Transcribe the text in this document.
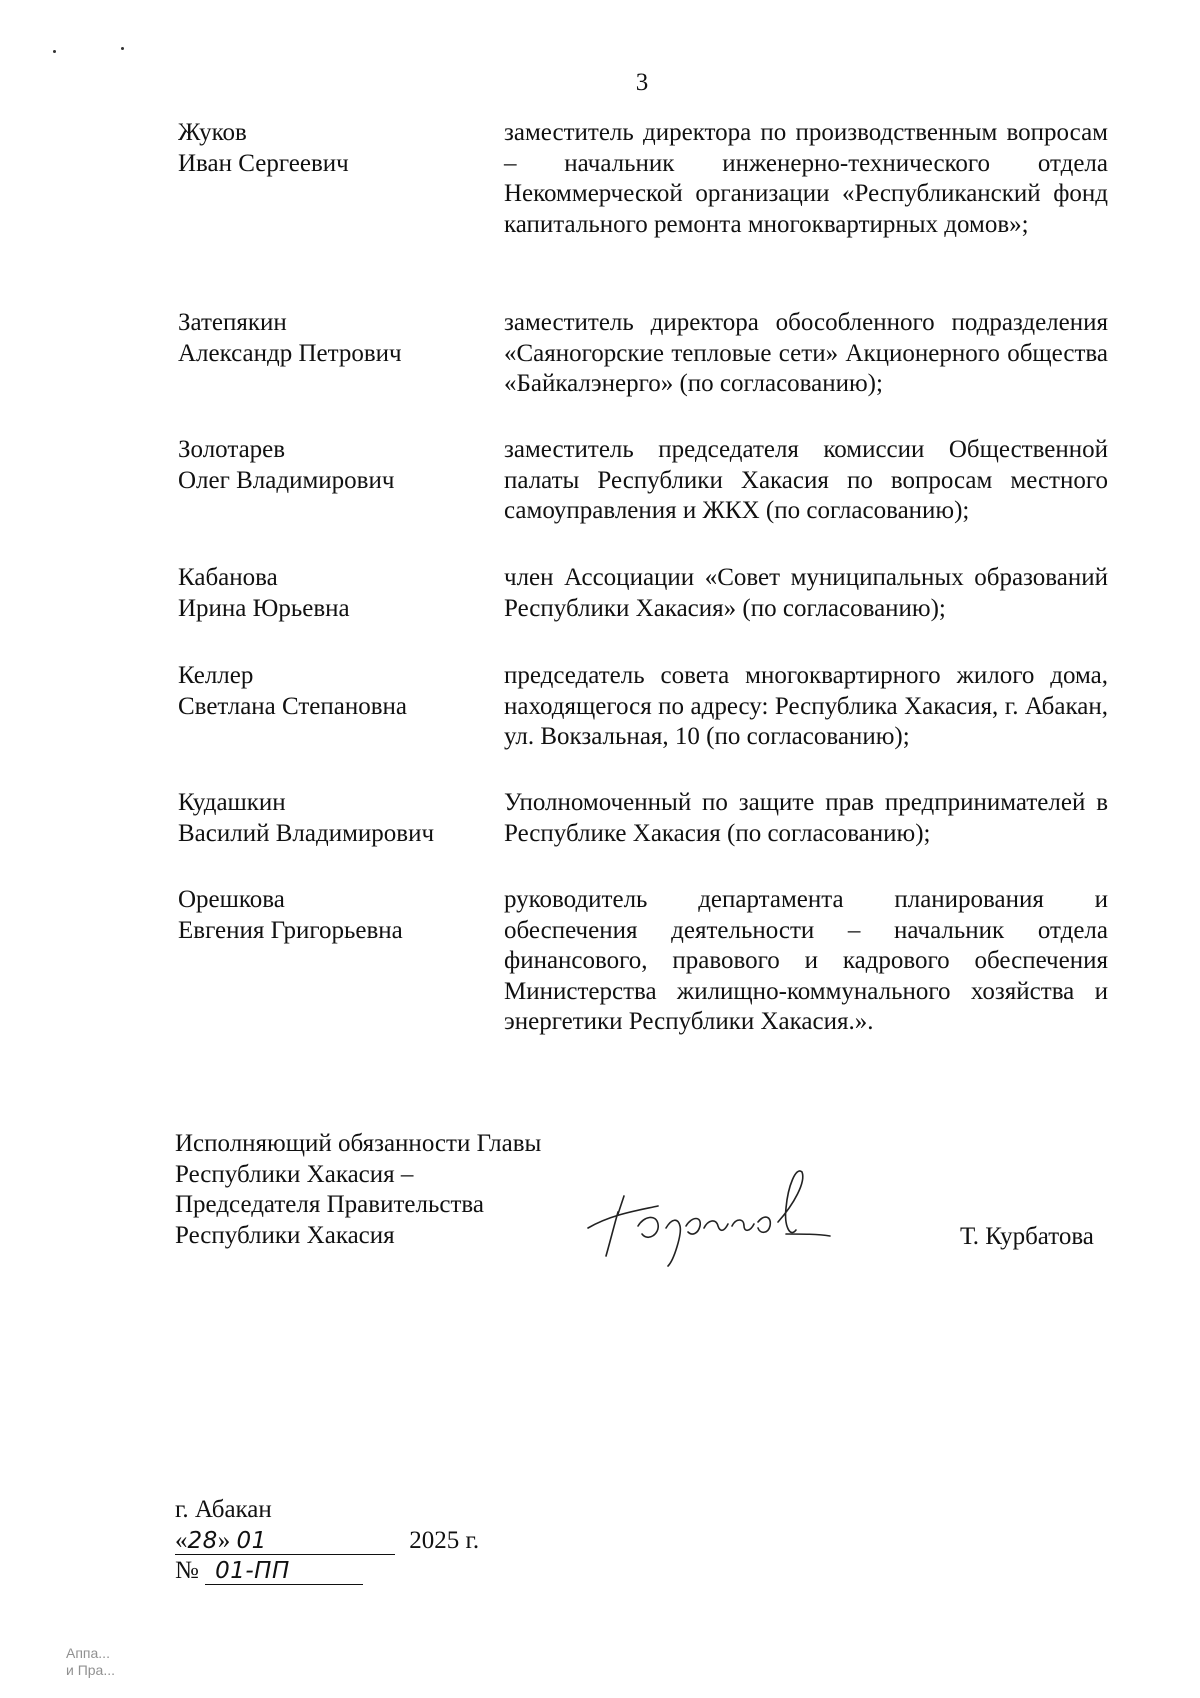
3
Жуков
Иван Сергеевич
заместитель директора по производственным вопросам – начальник инженерно-технического отдела Некоммерческой организации «Республиканский фонд капитального ремонта многоквартирных домов»;
Затепякин
Александр Петрович
заместитель директора обособленного подразделения «Саяногорские тепловые сети» Акционерного общества «Байкалэнерго» (по согласованию);
Золотарев
Олег Владимирович
заместитель председателя комиссии Общественной палаты Республики Хакасия по вопросам местного самоуправления и ЖКХ (по согласованию);
Кабанова
Ирина Юрьевна
член Ассоциации «Совет муниципальных образований Республики Хакасия» (по согласованию);
Келлер
Светлана Степановна
председатель совета многоквартирного жилого дома, находящегося по адресу: Республика Хакасия, г. Абакан, ул. Вокзальная, 10 (по согласованию);
Кудашкин
Василий Владимирович
Уполномоченный по защите прав предпринимателей в Республике Хакасия (по согласованию);
Орешкова
Евгения Григорьевна
руководитель департамента планирования и обеспечения деятельности – начальник отдела финансового, правового и кадрового обеспечения Министерства жилищно-коммунального хозяйства и энергетики Республики Хакасия.».
Исполняющий обязанности Главы
Республики Хакасия –
Председателя Правительства
Республики Хакасия	Т. Курбатова
г. Абакан
«28» 01	2025 г.
№ 01-ПП
Аппа...
и Пра...
